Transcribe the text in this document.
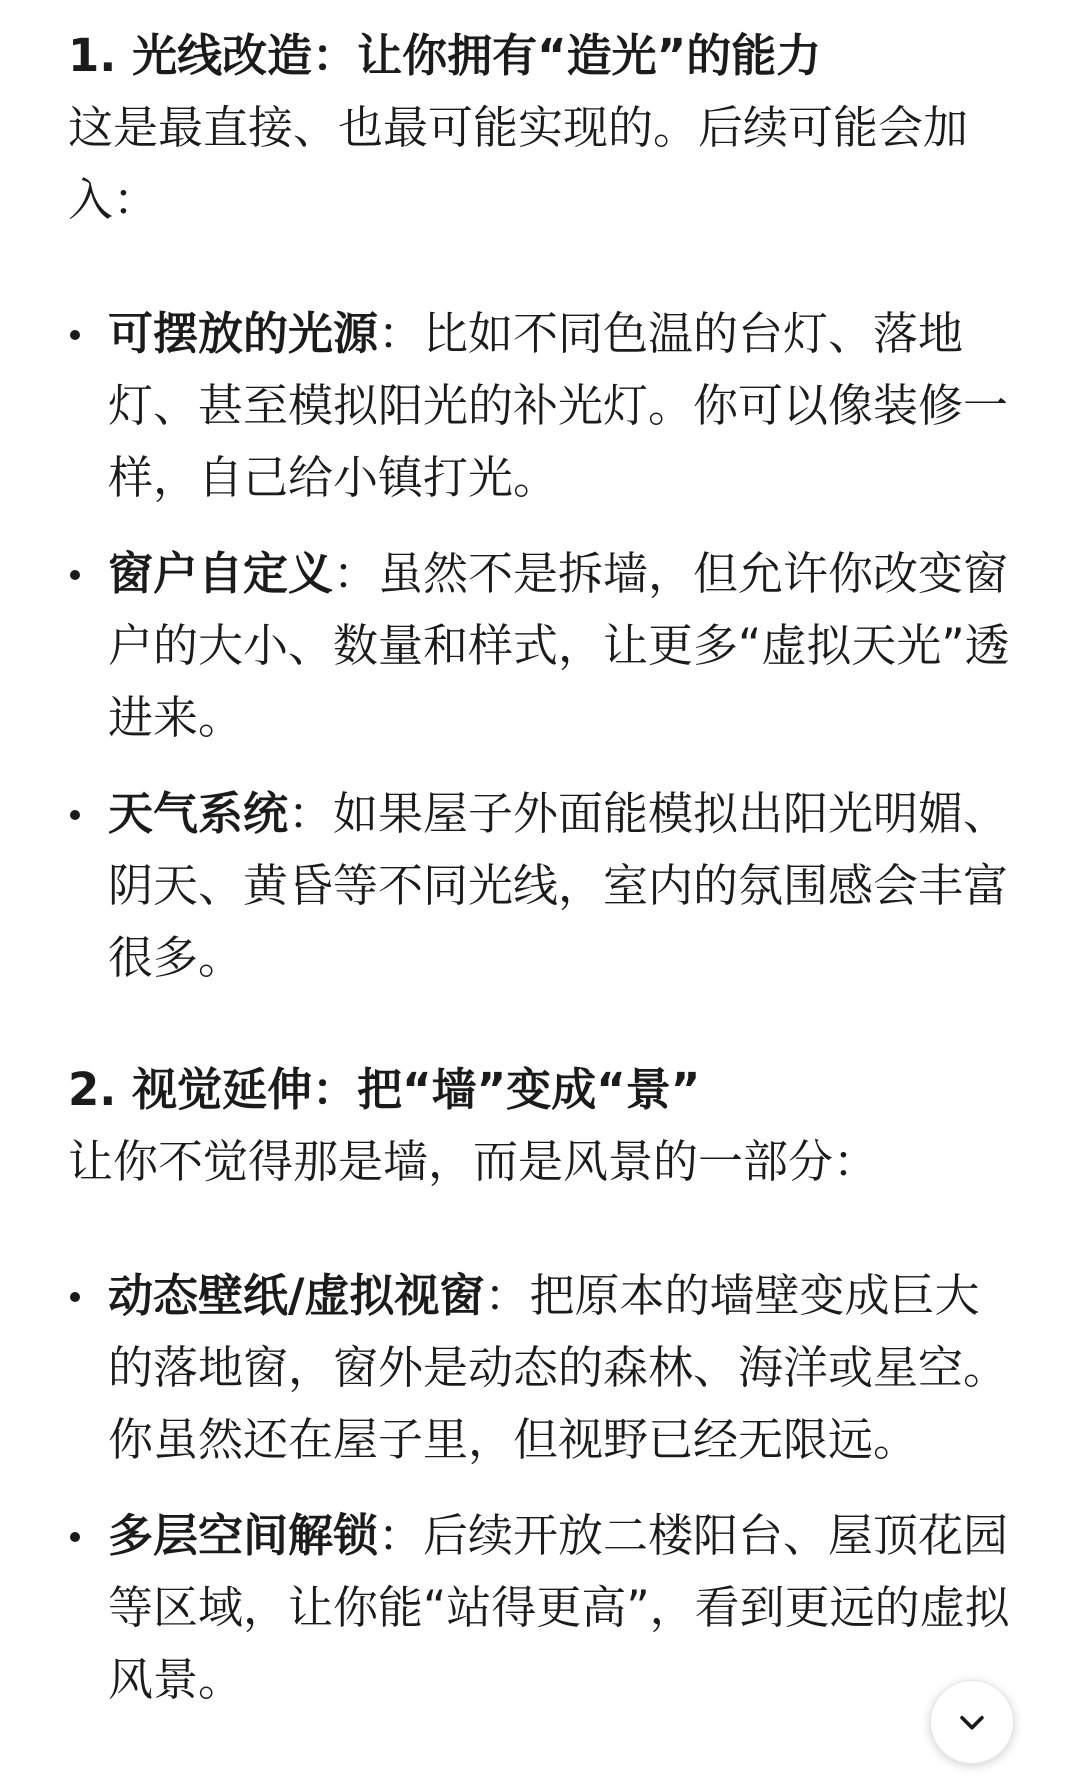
1. 光线改造：让你拥有“造光”的能力

这是最直接、也最可能实现的。后续可能会加入：

可摆放的光源：比如不同色温的台灯、落地灯、甚至模拟阳光的补光灯。你可以像装修一样，自己给小镇打光。
窗户自定义：虽然不是拆墙，但允许你改变窗户的大小、数量和样式，让更多“虚拟天光”透进来。
天气系统：如果屋子外面能模拟出阳光明媚、阴天、黄昏等不同光线，室内的氛围感会丰富很多。

2. 视觉延伸：把“墙”变成“景”

让你不觉得那是墙，而是风景的一部分：

动态壁纸/虚拟视窗：把原本的墙壁变成巨大的落地窗，窗外是动态的森林、海洋或星空。你虽然还在屋子里，但视野已经无限远。
多层空间解锁：后续开放二楼阳台、屋顶花园等区域，让你能“站得更高”，看到更远的虚拟风景。
